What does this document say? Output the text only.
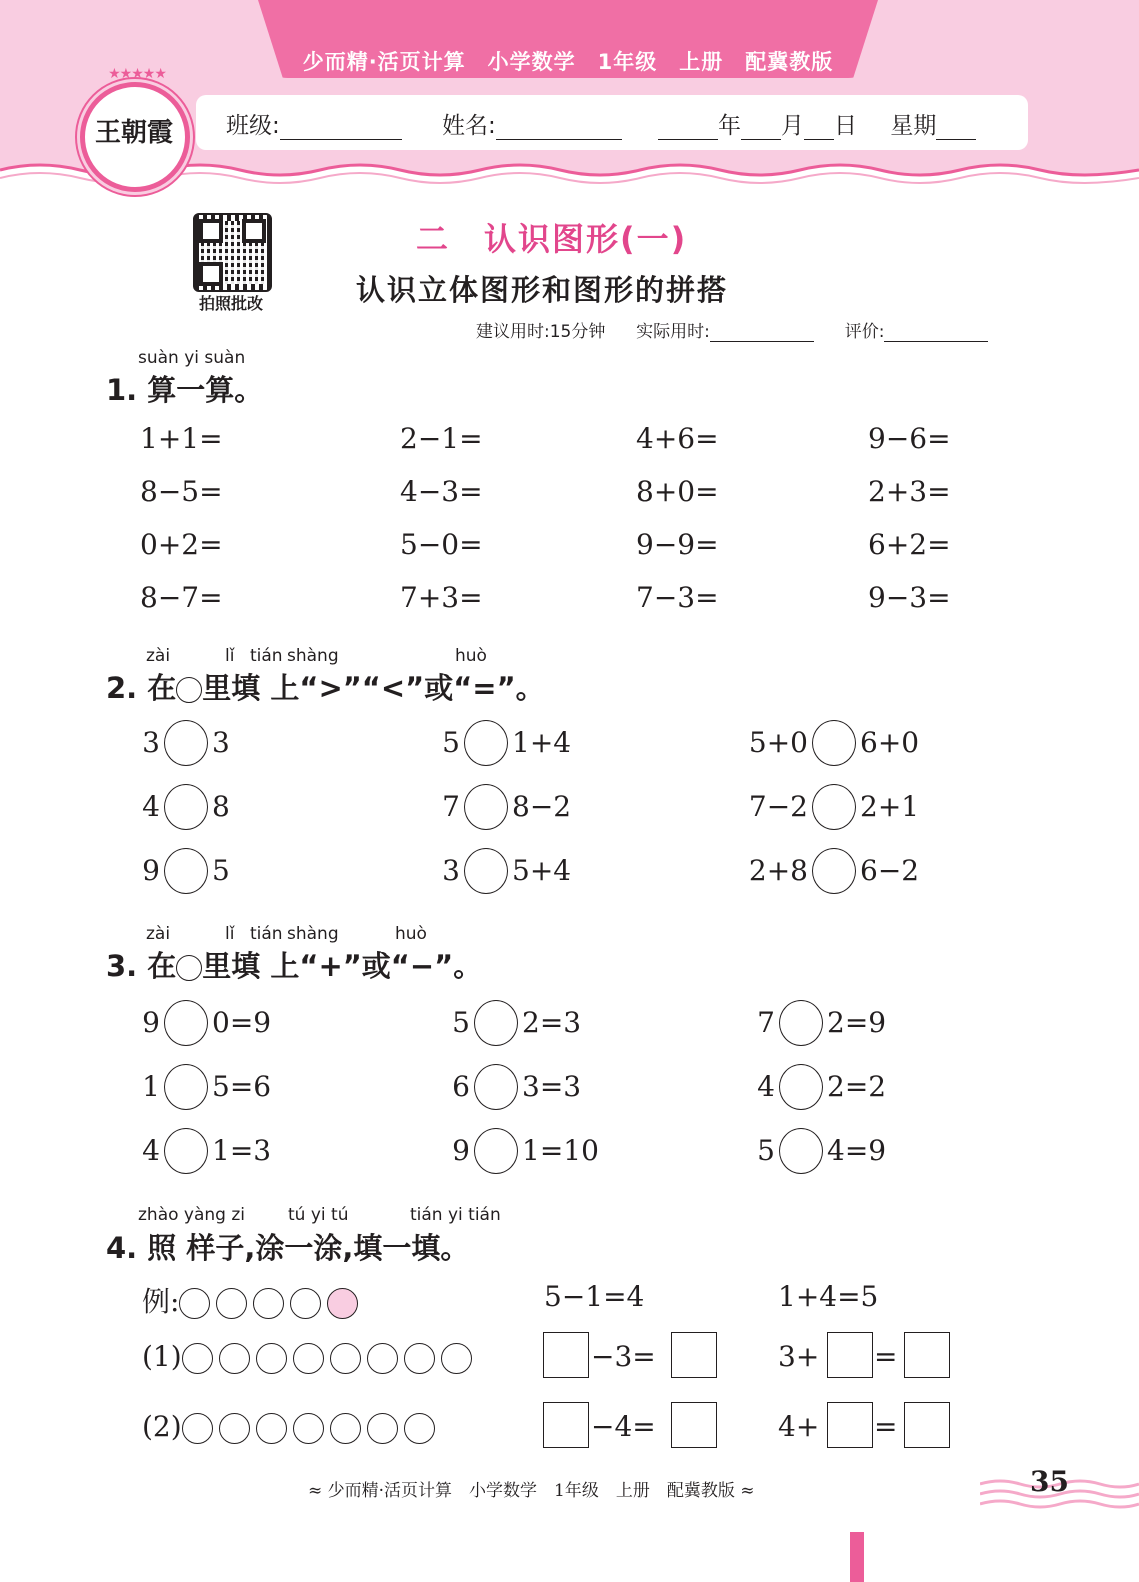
少而精·活页计算　小学数学　1年级　上册　配冀教版
★★★★★
王朝霞	班级:	姓名:	年 月 日 星期
拍照批改
二　认识图形(一)
认识立体图形和图形的拼搭
建议用时:15分钟 实际用时:	评价:
suàn yi suàn
1. 算一算。
1+1=	2−1=	4+6=	9−6=
8−5=	4−3=	8+0=	2+3=
0+2=	5−0=	9−9=	6+2=
8−7=	7+3=	7−3=	9−3=
zài	lǐ tián shàng	huò
2. 在 里填 上“>”“<”或“=”。
3 3	5 1+4	5+0 6+0
4 8	7 8−2	7−2 2+1
9 5	3 5+4	2+8 6−2
zài	lǐ tián shàng	huò
3. 在 里填 上“+”或“−”。
9 0=9	5 2=3	7 2=9
1 5=6	6 3=3	4 2=2
4 1=3	9 1=10	5 4=9
zhào yàng zi	tú yi tú	tián yi tián
4. 照 样子,涂一涂,填一填。
例:	5−1=4	1+4=5
(1)	−3=	3+ =
(2)	−4=	4+ =
≈ 少而精·活页计算　小学数学　1年级　上册　配冀教版 ≈	35
